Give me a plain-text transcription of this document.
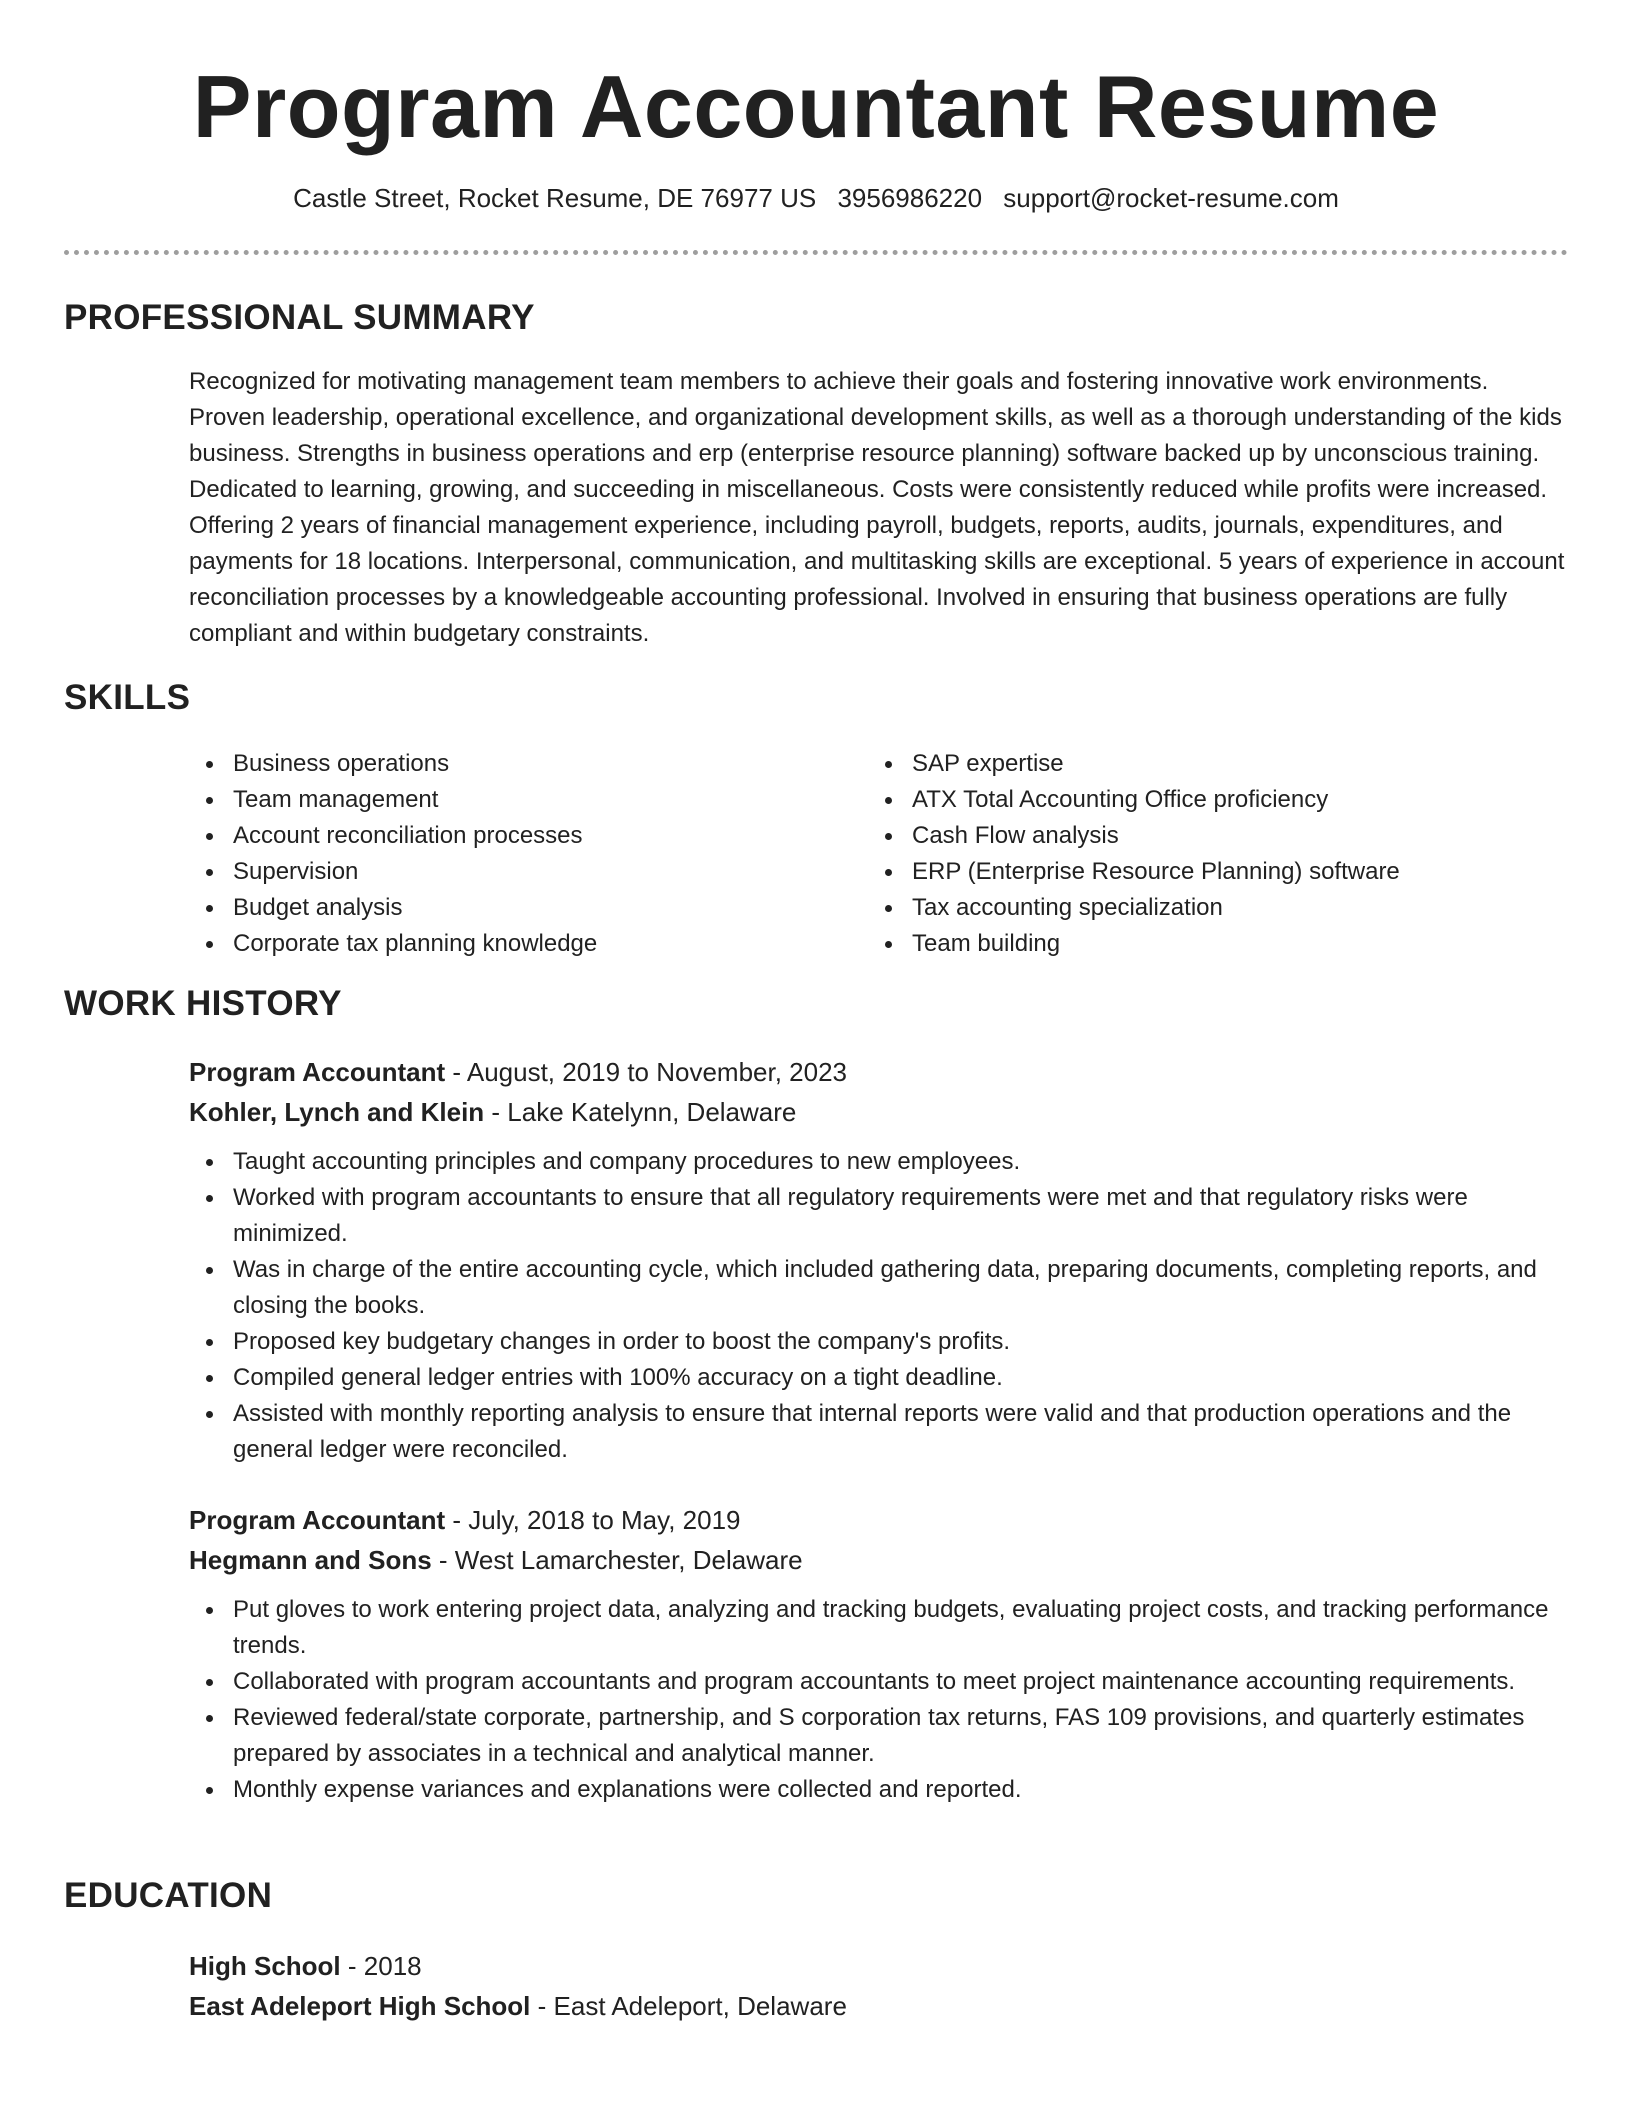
Program Accountant Resume
Castle Street, Rocket Resume, DE 76977 US 3956986220 support@rocket-resume.com
PROFESSIONAL SUMMARY

Recognized for motivating management team members to achieve their goals and fostering innovative work environments. Proven leadership, operational excellence, and organizational development skills, as well as a thorough understanding of the kids business. Strengths in business operations and erp (enterprise resource planning) software backed up by unconscious training. Dedicated to learning, growing, and succeeding in miscellaneous. Costs were consistently reduced while profits were increased. Offering 2 years of financial management experience, including payroll, budgets, reports, audits, journals, expenditures, and payments for 18 locations. Interpersonal, communication, and multitasking skills are exceptional. 5 years of experience in account reconciliation processes by a knowledgeable accounting professional. Involved in ensuring that business operations are fully compliant and within budgetary constraints.

SKILLS
Business operations
Team management
Account reconciliation processes
Supervision
Budget analysis
Corporate tax planning knowledge
SAP expertise
ATX Total Accounting Office proficiency
Cash Flow analysis
ERP (Enterprise Resource Planning) software
Tax accounting specialization
Team building
WORK HISTORY
Program Accountant - August, 2019 to November, 2023
Kohler, Lynch and Klein - Lake Katelynn, Delaware
Taught accounting principles and company procedures to new employees.
Worked with program accountants to ensure that all regulatory requirements were met and that regulatory risks were minimized.
Was in charge of the entire accounting cycle, which included gathering data, preparing documents, completing reports, and closing the books.
Proposed key budgetary changes in order to boost the company's profits.
Compiled general ledger entries with 100% accuracy on a tight deadline.
Assisted with monthly reporting analysis to ensure that internal reports were valid and that production operations and the general ledger were reconciled.
Program Accountant - July, 2018 to May, 2019
Hegmann and Sons - West Lamarchester, Delaware
Put gloves to work entering project data, analyzing and tracking budgets, evaluating project costs, and tracking performance trends.
Collaborated with program accountants and program accountants to meet project maintenance accounting requirements.
Reviewed federal/state corporate, partnership, and S corporation tax returns, FAS 109 provisions, and quarterly estimates prepared by associates in a technical and analytical manner.
Monthly expense variances and explanations were collected and reported.
EDUCATION
High School - 2018
East Adeleport High School - East Adeleport, Delaware
